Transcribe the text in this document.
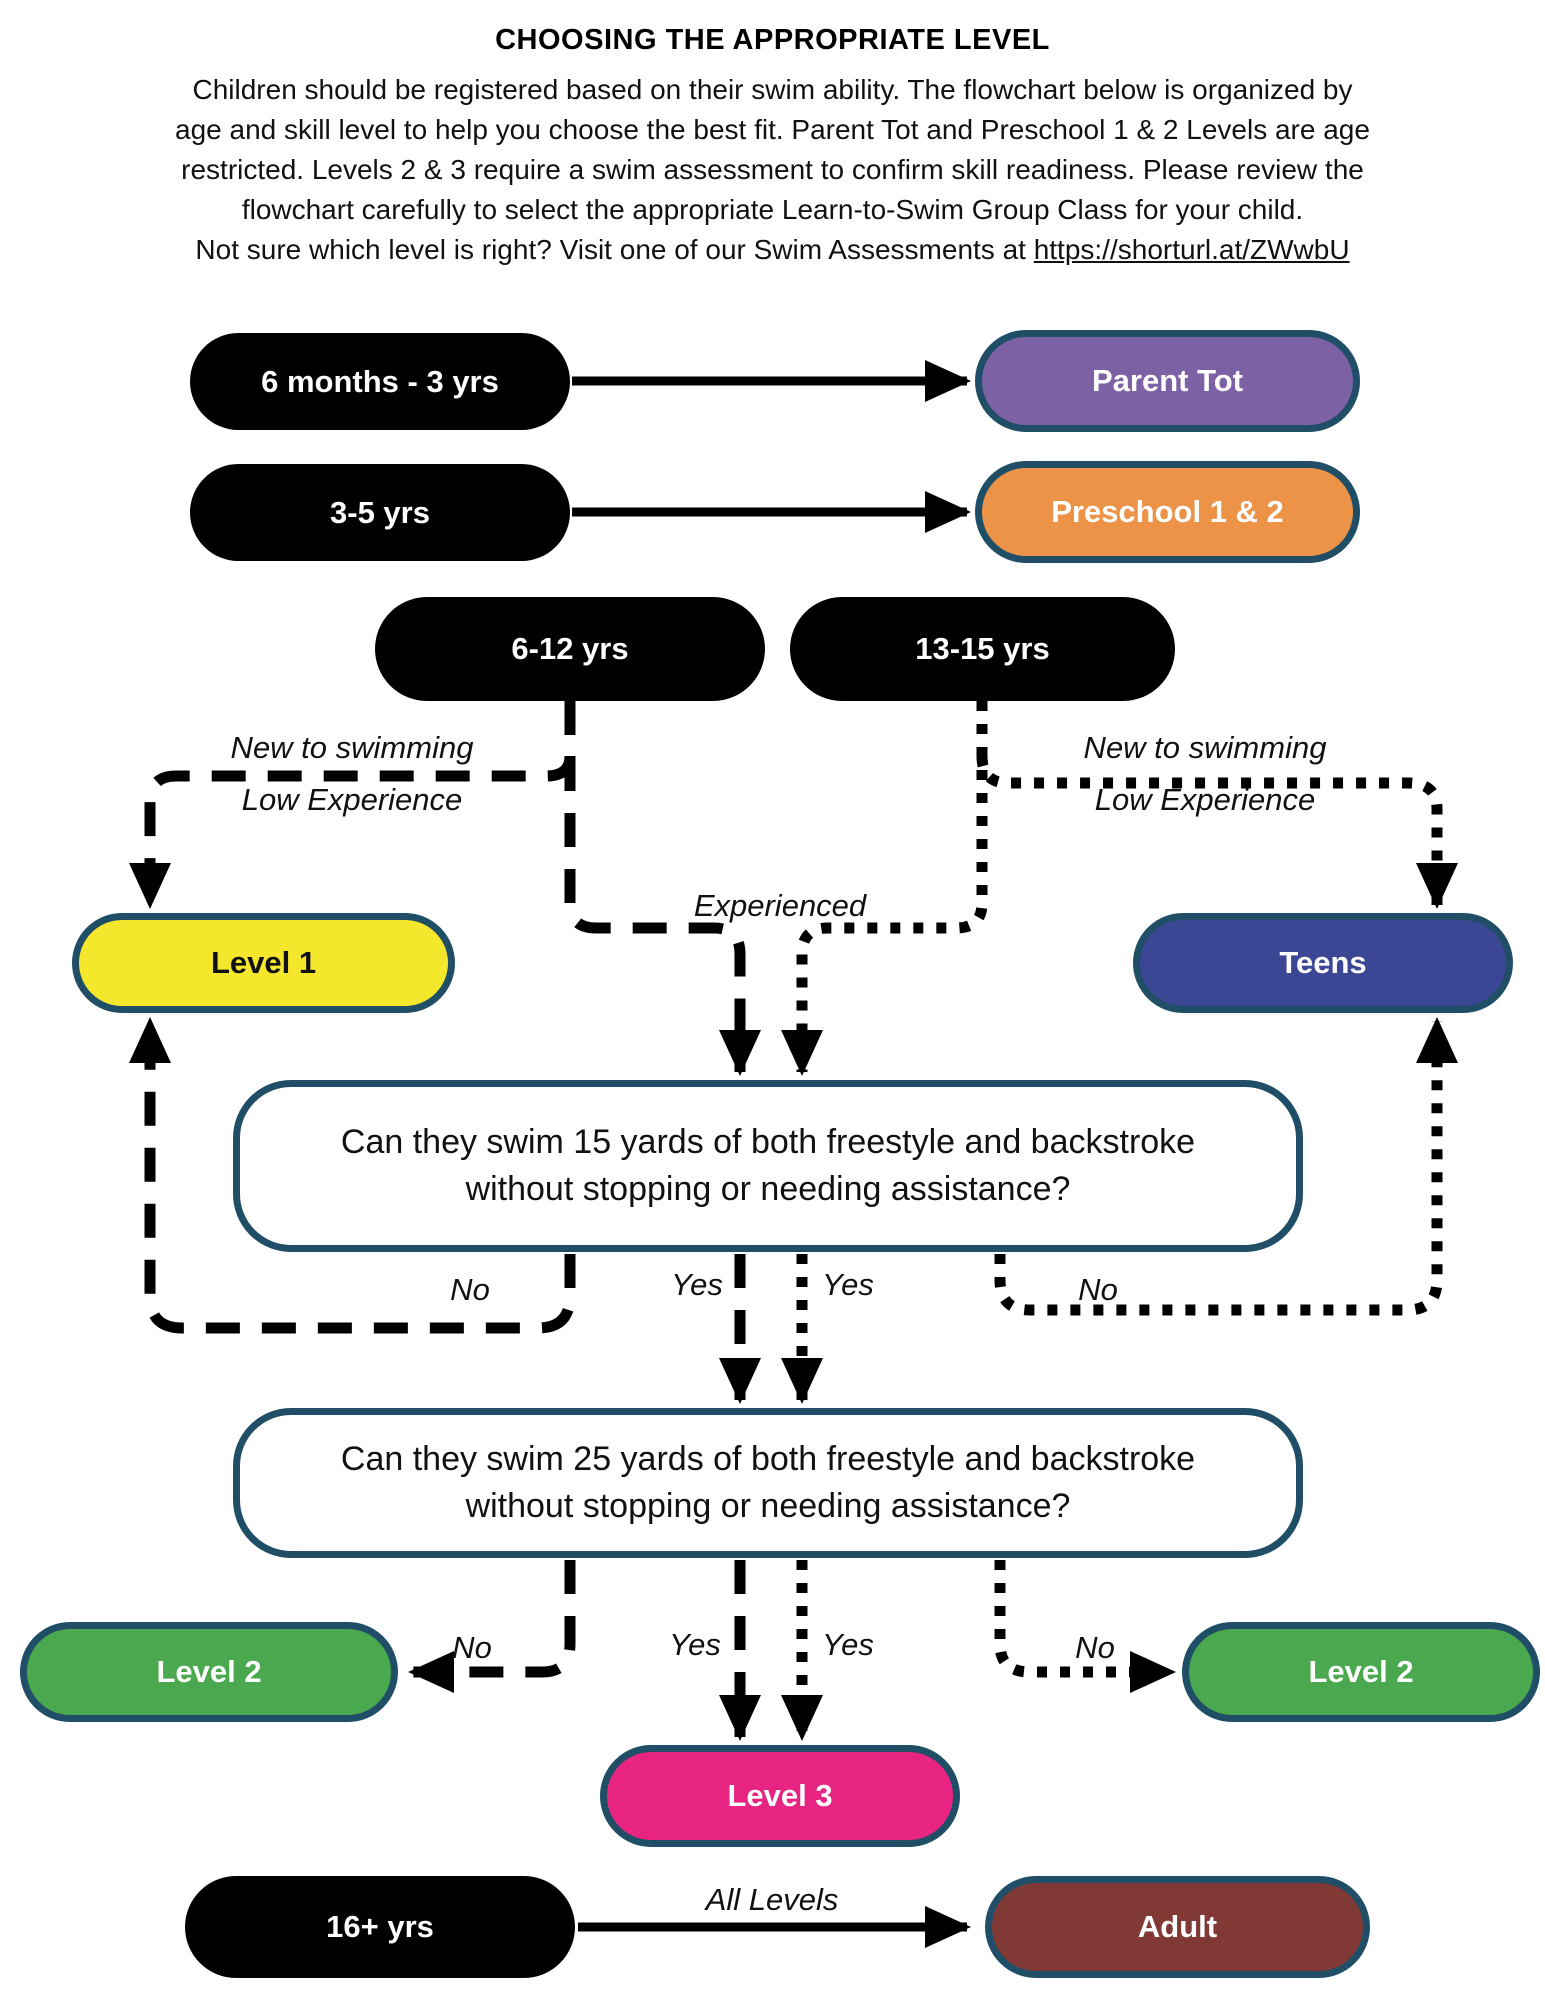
CHOOSING THE APPROPRIATE LEVEL
Children should be registered based on their swim ability. The flowchart below is organized by
age and skill level to help you choose the best fit. Parent Tot and Preschool 1 & 2 Levels are age
restricted. Levels 2 & 3 require a swim assessment to confirm skill readiness. Please review the
flowchart carefully to select the appropriate Learn-to-Swim Group Class for your child.
Not sure which level is right? Visit one of our Swim Assessments at https://shorturl.at/ZWwbU
6 months - 3 yrs
3-5 yrs
6-12 yrs	13-15 yrs
16+ yrs
Parent Tot
Preschool 1 & 2
Level 1	Teens
Level 2	Level 2
Level 3
Adult
Can they swim 15 yards of both freestyle and backstroke
without stopping or needing assistance?
Can they swim 25 yards of both freestyle and backstroke
without stopping or needing assistance?
New to swimming
Low Experience
New to swimming
Low Experience
Experienced
No	Yes	Yes	No
No	Yes	Yes	No
All Levels
